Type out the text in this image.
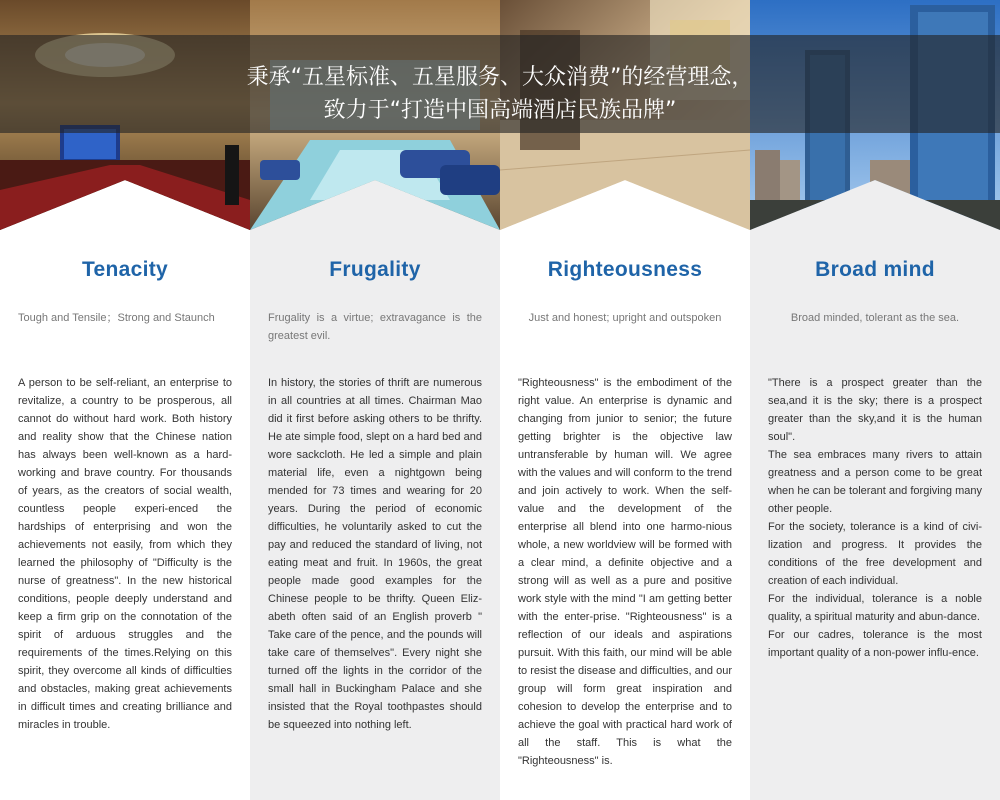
Tenacity
Tough and Tensile；Strong and Staunch
A person to be self-reliant, an enterprise to revitalize, a country to be prosperous, all cannot do without hard work. Both history and reality show that the Chinese nation has always been well-known as a hard-working and brave country. For thousands of years, as the creators of social wealth, countless people experi-enced the hardships of enterprising and won the achievements not easily, from which they learned the philosophy of "Difficulty is the nurse of greatness". In the new historical conditions, people deeply understand and keep a firm grip on the connotation of the spirit of arduous struggles and the requirements of the times.Relying on this spirit, they overcome all kinds of difficulties and obstacles, making great achievements in difficult times and creating brilliance and miracles in trouble.
Frugality
Frugality is a virtue; extravagance is the greatest evil.
In history, the stories of thrift are numerous in all countries at all times. Chairman Mao did it first before asking others to be thrifty. He ate simple food, slept on a hard bed and wore sackcloth. He led a simple and plain material life, even a nightgown being mended for 73 times and wearing for 20 years. During the period of economic difficulties, he voluntarily asked to cut the pay and reduced the standard of living, not eating meat and fruit. In 1960s, the great people made good examples for the Chinese people to be thrifty. Queen Eliz-abeth often said of an English proverb " Take care of the pence, and the pounds will take care of themselves". Every night she turned off the lights in the corridor of the small hall in Buckingham Palace and she insisted that the Royal toothpastes should be squeezed into nothing left.
Righteousness
Just and honest; upright and outspoken
"Righteousness" is the embodiment of the right value. An enterprise is dynamic and changing from junior to senior; the future getting brighter is the objective law untransferable by human will. We agree with the values and will conform to the trend and join actively to work. When the self-value and the development of the enterprise all blend into one harmo-nious whole, a new worldview will be formed with a clear mind, a definite objective and a strong will as well as a pure and positive work style with the mind "I am getting better with the enter-prise. "Righteousness" is a reflection of our ideals and aspirations pursuit. With this faith, our mind will be able to resist the disease and difficulties, and our group will form great inspiration and cohesion to develop the enterprise and to achieve the goal with practical hard work of all the staff. This is what the "Righteousness" is.
Broad mind
Broad minded, tolerant as the sea.
"There is a prospect greater than the sea,and it is the sky; there is a prospect greater than the sky,and it is the human soul".
The sea embraces many rivers to attain greatness and a person come to be great when he can be tolerant and forgiving many other people.
For the society, tolerance is a kind of civi-lization and progress. It provides the conditions of the free development and creation of each individual.
For the individual, tolerance is a noble quality, a spiritual maturity and abun-dance.
For our cadres, tolerance is the most important quality of a non-power influ-ence.
秉承“五星标准、五星服务、大众消费”的经营理念，
致力于“打造中国高端酒店民族品牌”
